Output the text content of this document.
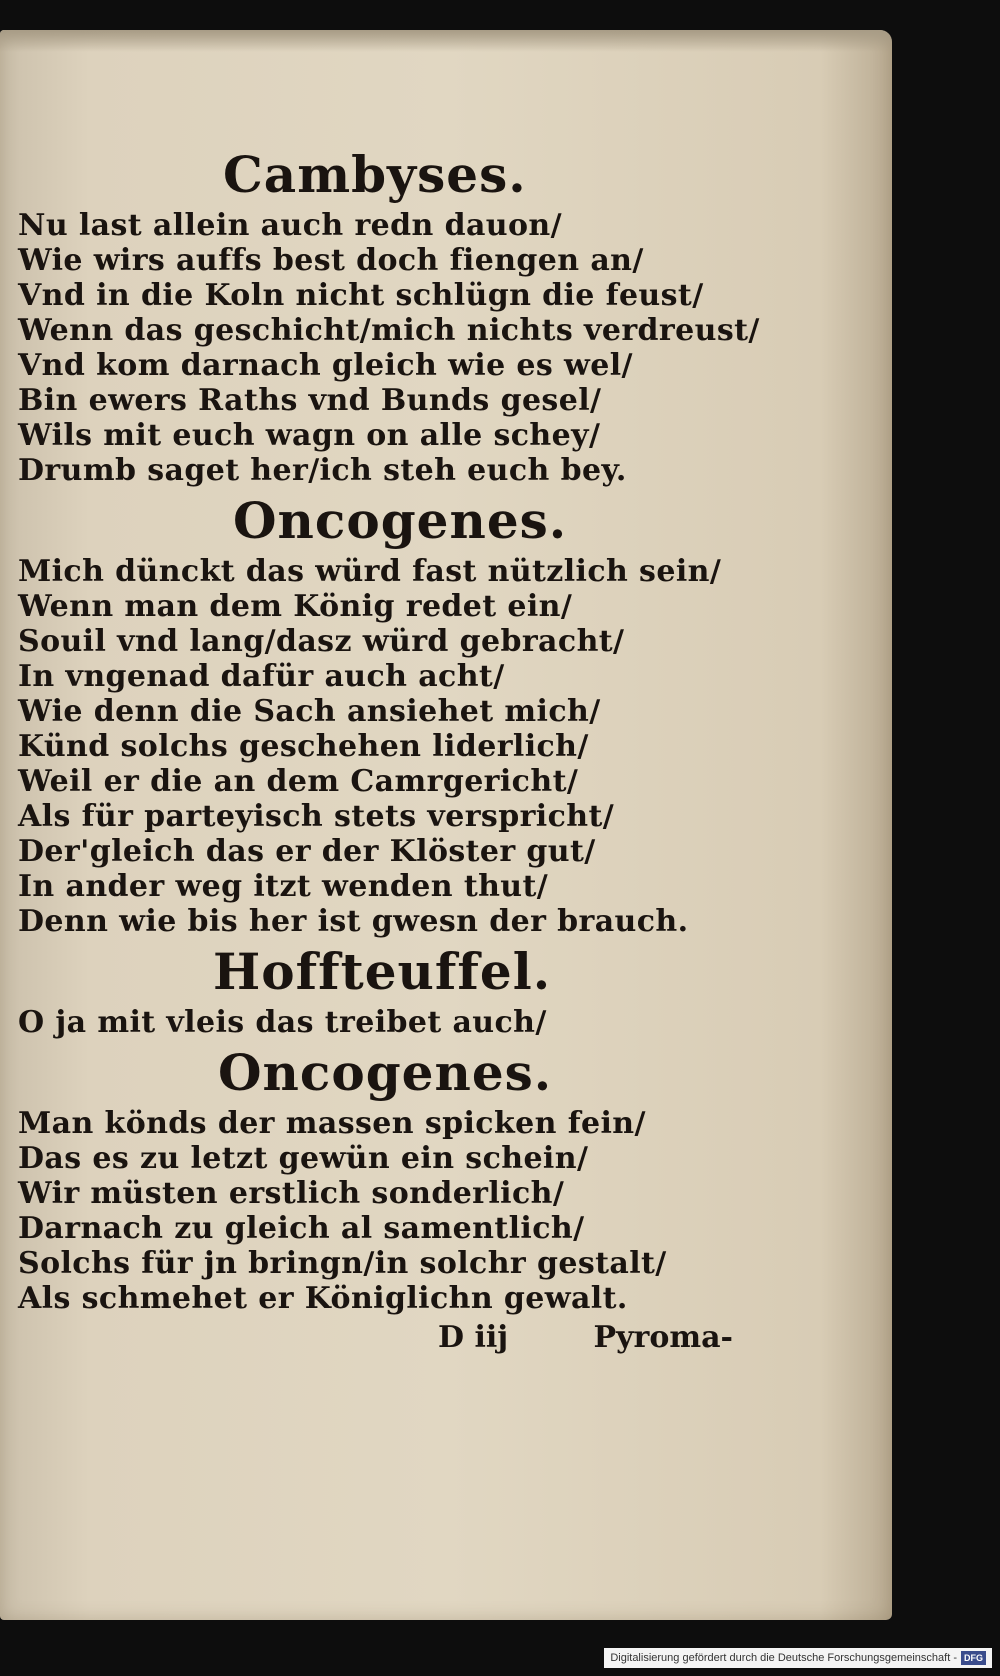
Cambyses.
Nu last allein auch redn dauon/
Wie wirs auffs best doch fiengen an/
Vnd in die Koln nicht schlügn die feust/
Wenn das geschicht/mich nichts verdreust/
Vnd kom darnach gleich wie es wel/
Bin ewers Raths vnd Bunds gesel/
Wils mit euch wagn on alle schey/
Drumb saget her/ich steh euch bey.
Oncogenes.
Mich dünckt das würd fast nützlich sein/
Wenn man dem König redet ein/
Souil vnd lang/dasz würd gebracht/
In vngenad dafür auch acht/
Wie denn die Sach ansiehet mich/
Künd solchs geschehen liderlich/
Weil er die an dem Camrgericht/
Als für parteyisch stets verspricht/
Der'gleich das er der Klöster gut/
In ander weg itzt wenden thut/
Denn wie bis her ist gwesn der brauch.
Hoffteuffel.
O ja mit vleis das treibet auch/
Oncogenes.
Man könds der massen spicken fein/
Das es zu letzt gewün ein schein/
Wir müsten erstlich sonderlich/
Darnach zu gleich al samentlich/
Solchs für jn bringn/in solchr gestalt/
Als schmehet er Königlichn gewalt.
D iij	Pyroma-
Digitalisierung gefördert durch die Deutsche Forschungsgemeinschaft - DFG
